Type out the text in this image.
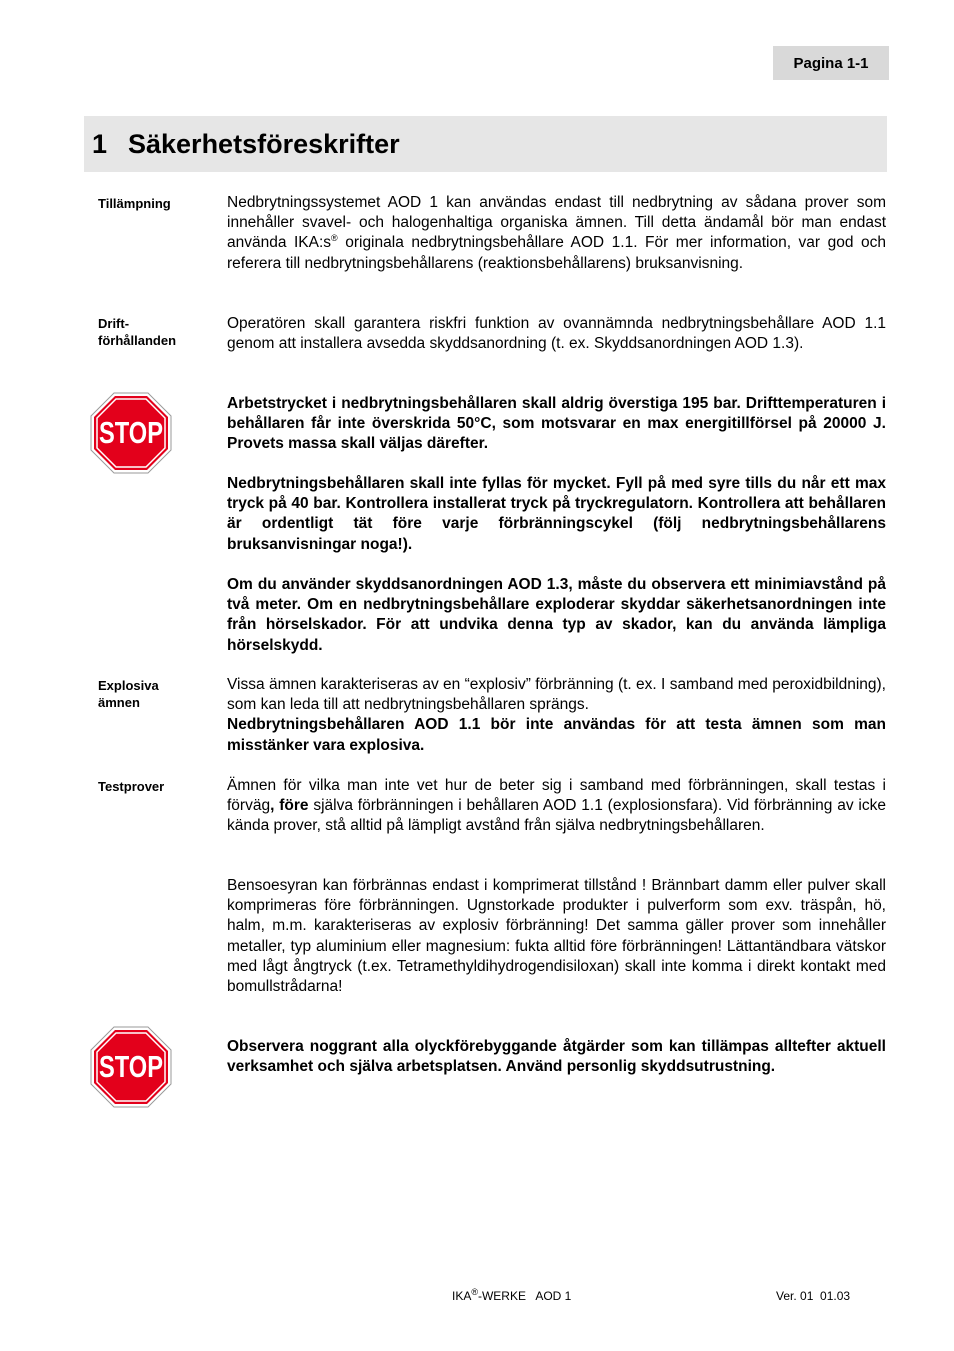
Pagina 1-1
1 Säkerhetsföreskrifter
Tillämpning	Nedbrytningssystemet AOD 1 kan användas endast till nedbrytning av sådana prover som innehåller svavel- och halogenhaltiga organiska ämnen. Till detta ändamål bör man endast använda IKA:s® originala nedbrytningsbehållare AOD 1.1. För mer information, var god och referera till nedbrytningsbehållarens (reaktionsbehållarens) bruksanvisning.
Drift-
förhållanden
Operatören skall garantera riskfri funktion av ovannämnda nedbrytningsbehållare AOD 1.1 genom att installera avsedda skyddsanordning (t. ex. Skyddsanordningen AOD 1.3).
STOP
Arbetstrycket i nedbrytningsbehållaren skall aldrig överstiga 195 bar. Drifttemperaturen i behållaren får inte överskrida 50°C, som motsvarar en max energitillförsel på 20000 J. Provets massa skall väljas därefter.
Nedbrytningsbehållaren skall inte fyllas för mycket. Fyll på med syre tills du når ett max tryck på 40 bar. Kontrollera installerat tryck på tryckregulatorn. Kontrollera att behållaren är ordentligt tät före varje förbränningscykel (följ nedbrytningsbehållarens bruksanvisningar noga!).
Om du använder skyddsanordningen AOD 1.3, måste du observera ett minimiavstånd på två meter. Om en nedbrytningsbehållare exploderar skyddar säkerhetsanordningen inte från hörselskador. För att undvika denna typ av skador, kan du använda lämpliga hörselskydd.
Explosiva
ämnen
Vissa ämnen karakteriseras av en “explosiv” förbränning (t. ex. I samband med peroxidbildning), som kan leda till att nedbrytningsbehållaren sprängs.
Nedbrytningsbehållaren AOD 1.1 bör inte användas för att testa ämnen som man misstänker vara explosiva.
Testprover	Ämnen för vilka man inte vet hur de beter sig i samband med förbränningen, skall testas i förväg, före själva förbränningen i behållaren AOD 1.1 (explosionsfara). Vid förbränning av icke kända prover, stå alltid på lämpligt avstånd från själva nedbrytningsbehållaren.
Bensoesyran kan förbrännas endast i komprimerat tillstånd ! Brännbart damm eller pulver skall komprimeras före förbränningen. Ugnstorkade produkter i pulverform som exv. träspån, hö, halm, m.m. karakteriseras av explosiv förbränning! Det samma gäller prover som innehåller metaller, typ aluminium eller magnesium: fukta alltid före förbränningen! Lättantändbara vätskor med lågt ångtryck (t.ex. Tetramethyldihydrogendisiloxan) skall inte komma i direkt kontakt med bomullstrådarna!
STOP
Observera noggrant alla olyckförebyggande åtgärder som kan tillämpas alltefter aktuell verksamhet och själva arbetsplatsen. Använd personlig skyddsutrustning.
IKA®-WERKE   AOD 1	Ver. 01  01.03
